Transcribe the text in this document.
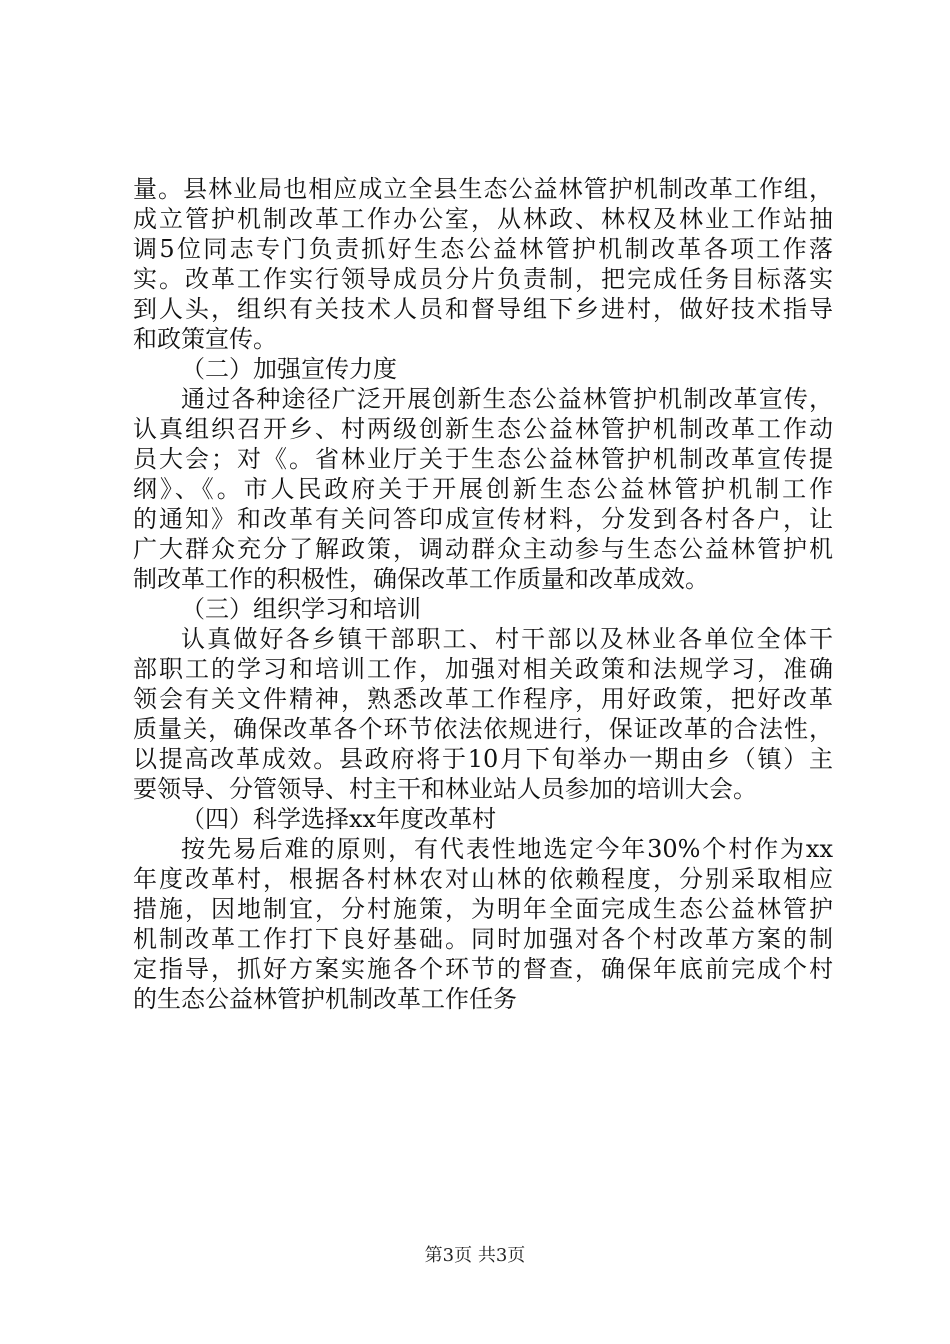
量。县林业局也相应成立全县生态公益林管护机制改革工作组，
成立管护机制改革工作办公室，从林政、林权及林业工作站抽
调5位同志专门负责抓好生态公益林管护机制改革各项工作落
实。改革工作实行领导成员分片负责制，把完成任务目标落实
到人头，组织有关技术人员和督导组下乡进村，做好技术指导
和政策宣传。
（二）加强宣传力度
通过各种途径广泛开展创新生态公益林管护机制改革宣传，
认真组织召开乡、村两级创新生态公益林管护机制改革工作动
员大会；对《。省林业厅关于生态公益林管护机制改革宣传提
纲》、《。市人民政府关于开展创新生态公益林管护机制工作
的通知》和改革有关问答印成宣传材料，分发到各村各户，让
广大群众充分了解政策，调动群众主动参与生态公益林管护机
制改革工作的积极性，确保改革工作质量和改革成效。
（三）组织学习和培训
认真做好各乡镇干部职工、村干部以及林业各单位全体干
部职工的学习和培训工作，加强对相关政策和法规学习，准确
领会有关文件精神，熟悉改革工作程序，用好政策，把好改革
质量关，确保改革各个环节依法依规进行，保证改革的合法性，
以提高改革成效。县政府将于10月下旬举办一期由乡（镇）主
要领导、分管领导、村主干和林业站人员参加的培训大会。
（四）科学选择xx年度改革村
按先易后难的原则，有代表性地选定今年30%个村作为xx
年度改革村，根据各村林农对山林的依赖程度，分别采取相应
措施，因地制宜，分村施策，为明年全面完成生态公益林管护
机制改革工作打下良好基础。同时加强对各个村改革方案的制
定指导，抓好方案实施各个环节的督查，确保年底前完成个村
的生态公益林管护机制改革工作任务
第3页 共3页
